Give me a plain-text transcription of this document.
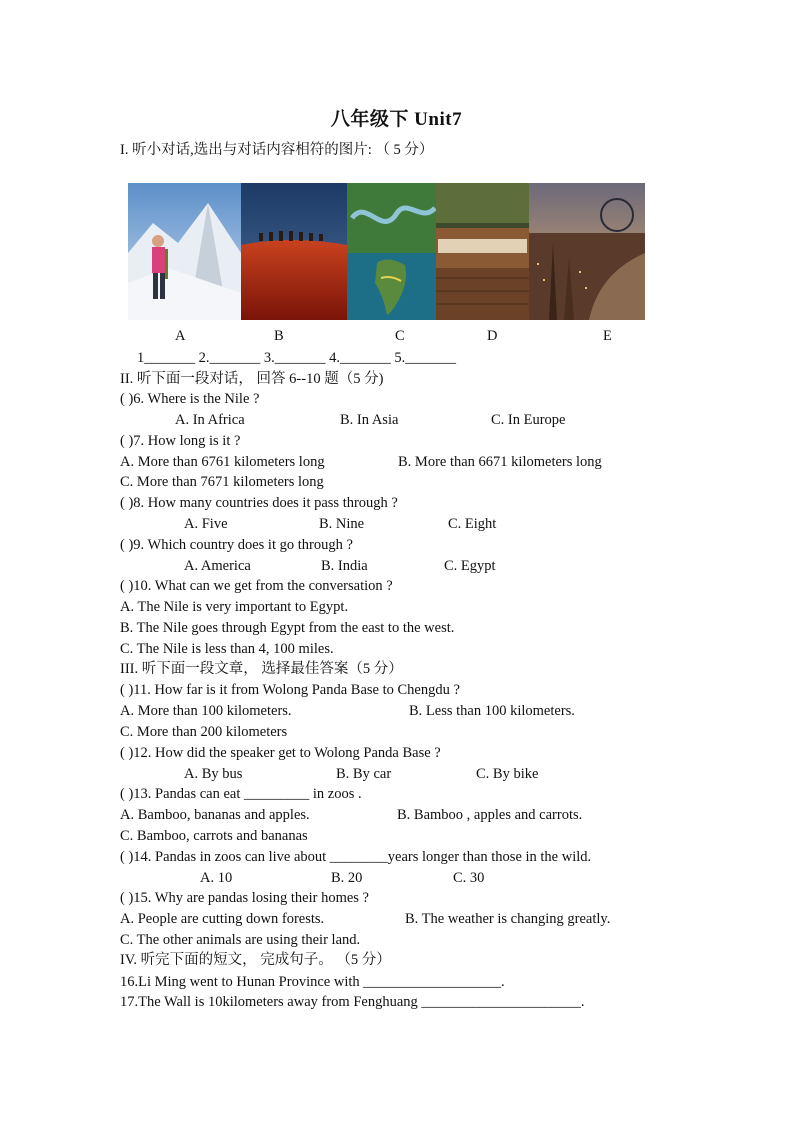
八年级下 Unit7
I. 听小对话,选出与对话内容相符的图片: （ 5 分）
A	B	C	D	E
1_______ 2._______ 3._______ 4._______ 5._______
II. 听下面一段对话， 回答 6--10 题（5 分)
( )6. Where is the Nile ?
A. In Africa	B. In Asia	C. In Europe
( )7. How long is it ?
A. More than 6761 kilometers long	B. More than 6671 kilometers long
C. More than 7671 kilometers long
( )8. How many countries does it pass through ?
A. Five	B. Nine	C. Eight
( )9. Which country does it go through ?
A. America	B. India	C. Egypt
( )10. What can we get from the conversation ?
A. The Nile is very important to Egypt.
B. The Nile goes through Egypt from the east to the west.
C. The Nile is less than 4, 100 miles.
III. 听下面一段文章， 选择最佳答案（5 分）
( )11. How far is it from Wolong Panda Base to Chengdu ?
A. More than 100 kilometers.	B. Less than 100 kilometers.
C. More than 200 kilometers
( )12. How did the speaker get to Wolong Panda Base ?
A. By bus	B. By car	C. By bike
( )13. Pandas can eat _________ in zoos .
A. Bamboo, bananas and apples.	B. Bamboo , apples and carrots.
C. Bamboo, carrots and bananas
( )14. Pandas in zoos can live about ________years longer than those in the wild.
A. 10	B. 20	C. 30
( )15. Why are pandas losing their homes ?
A. People are cutting down forests.	B. The weather is changing greatly.
C. The other animals are using their land.
IV. 听完下面的短文， 完成句子。 （5 分）
16.Li Ming went to Hunan Province with ___________________.
17.The Wall is 10kilometers away from Fenghuang ______________________.
